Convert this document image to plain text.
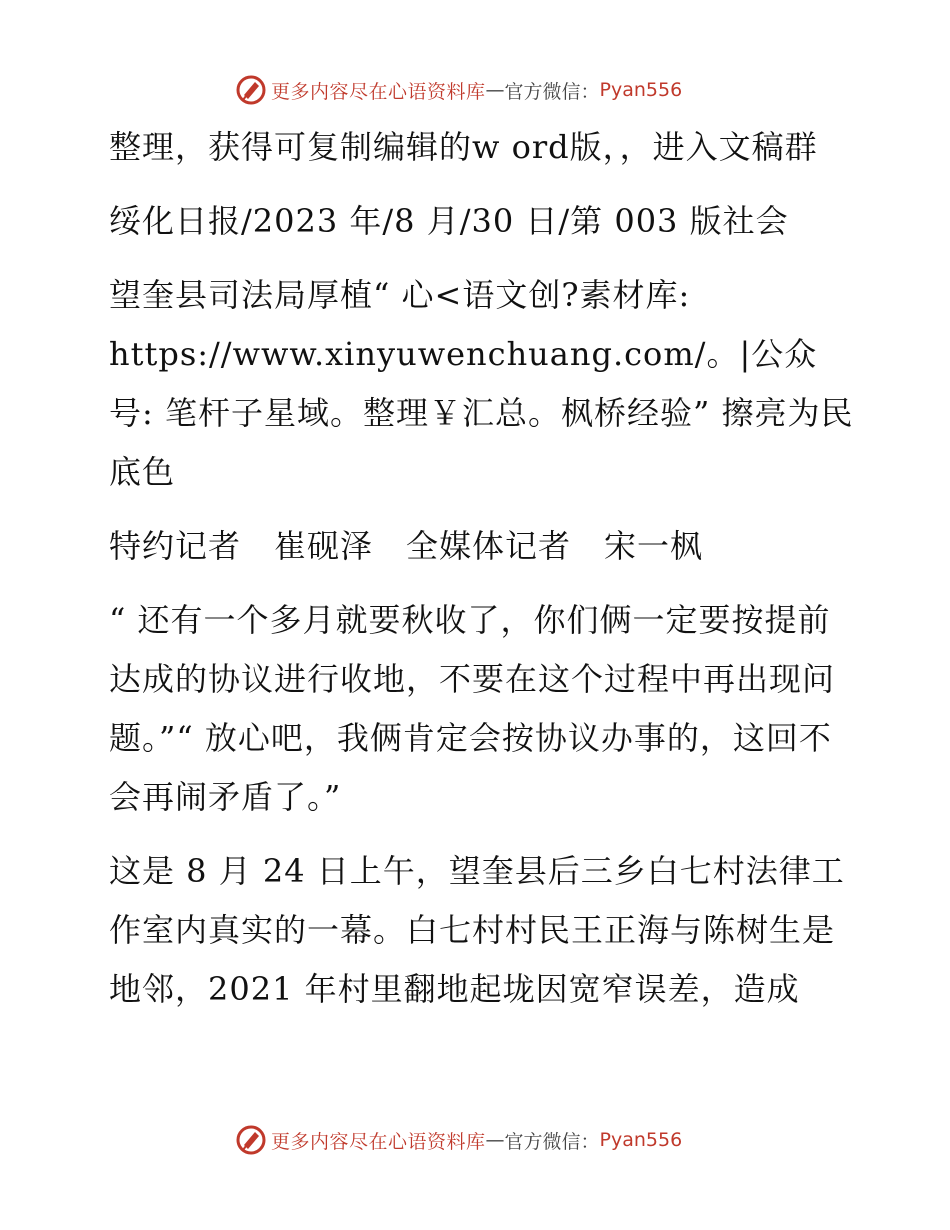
更多内容尽在心语资料库 — 官方微信： Pyan556

整理，获得可复制编辑的w ord版，，进入文稿群

绥化日报/2023 年/8 月/30 日/第 003 版社会

望奎县司法局厚植“ 心<语文创?素材库: https://www.xinyuwenchuang.com/。|公众号: 笔杆子星域。整理￥汇总。枫桥经验” 擦亮为民底色

特约记者　崔砚泽　全媒体记者　宋一枫

“ 还有一个多月就要秋收了，你们俩一定要按提前达成的协议进行收地，不要在这个过程中再出现问题。”“ 放心吧，我俩肯定会按协议办事的，这回不会再闹矛盾了。”

这是 8 月 24 日上午，望奎县后三乡白七村法律工作室内真实的一幕。白七村村民王正海与陈树生是地邻，2021 年村里翻地起垅因宽窄误差，造成

更多内容尽在心语资料库 — 官方微信： Pyan556
